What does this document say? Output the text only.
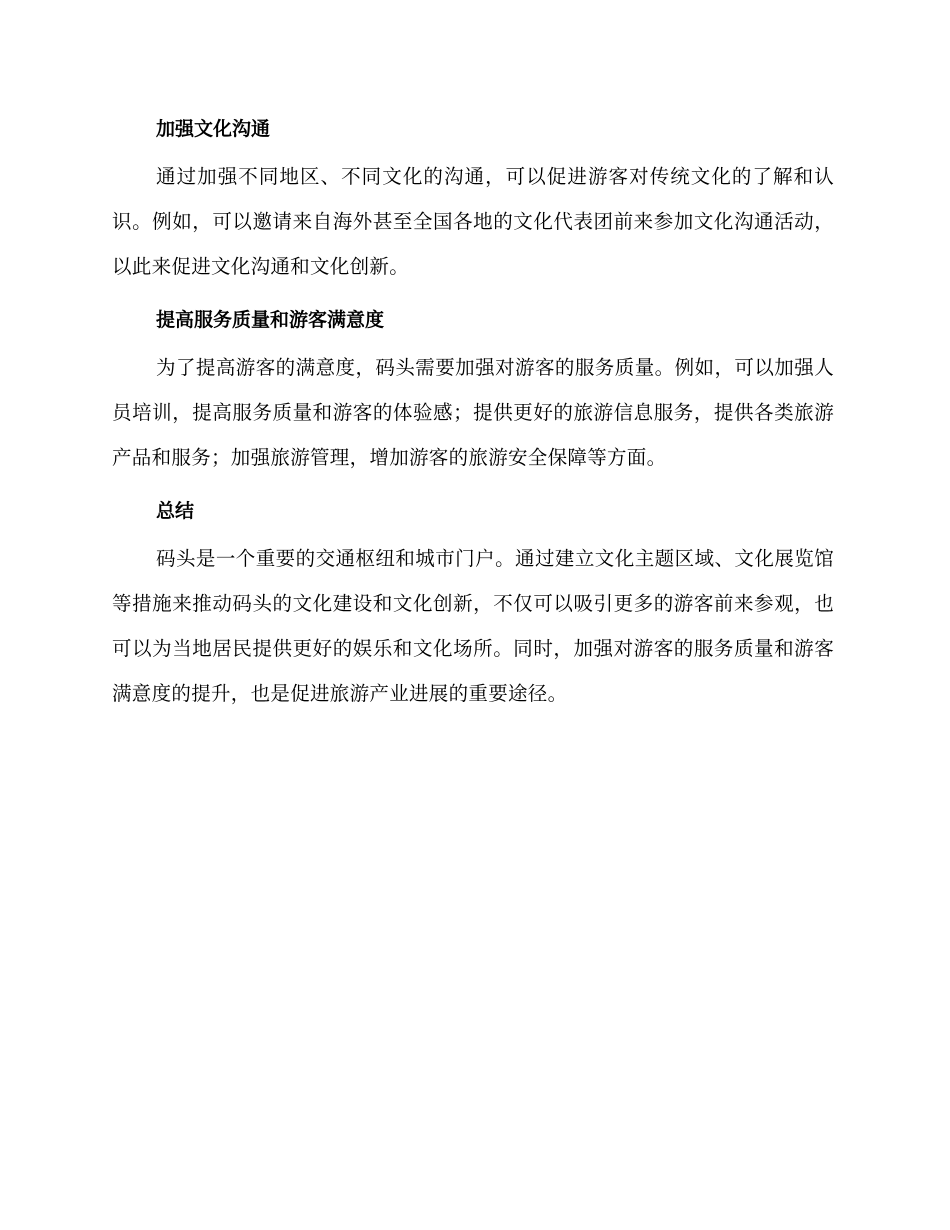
加强文化沟通

通过加强不同地区、不同文化的沟通，可以促进游客对传统文化的了解和认识。例如，可以邀请来自海外甚至全国各地的文化代表团前来参加文化沟通活动，以此来促进文化沟通和文化创新。

提高服务质量和游客满意度

为了提高游客的满意度，码头需要加强对游客的服务质量。例如，可以加强人员培训，提高服务质量和游客的体验感；提供更好的旅游信息服务，提供各类旅游产品和服务；加强旅游管理，增加游客的旅游安全保障等方面。

总结

码头是一个重要的交通枢纽和城市门户。通过建立文化主题区域、文化展览馆等措施来推动码头的文化建设和文化创新，不仅可以吸引更多的游客前来参观，也可以为当地居民提供更好的娱乐和文化场所。同时，加强对游客的服务质量和游客满意度的提升，也是促进旅游产业进展的重要途径。
